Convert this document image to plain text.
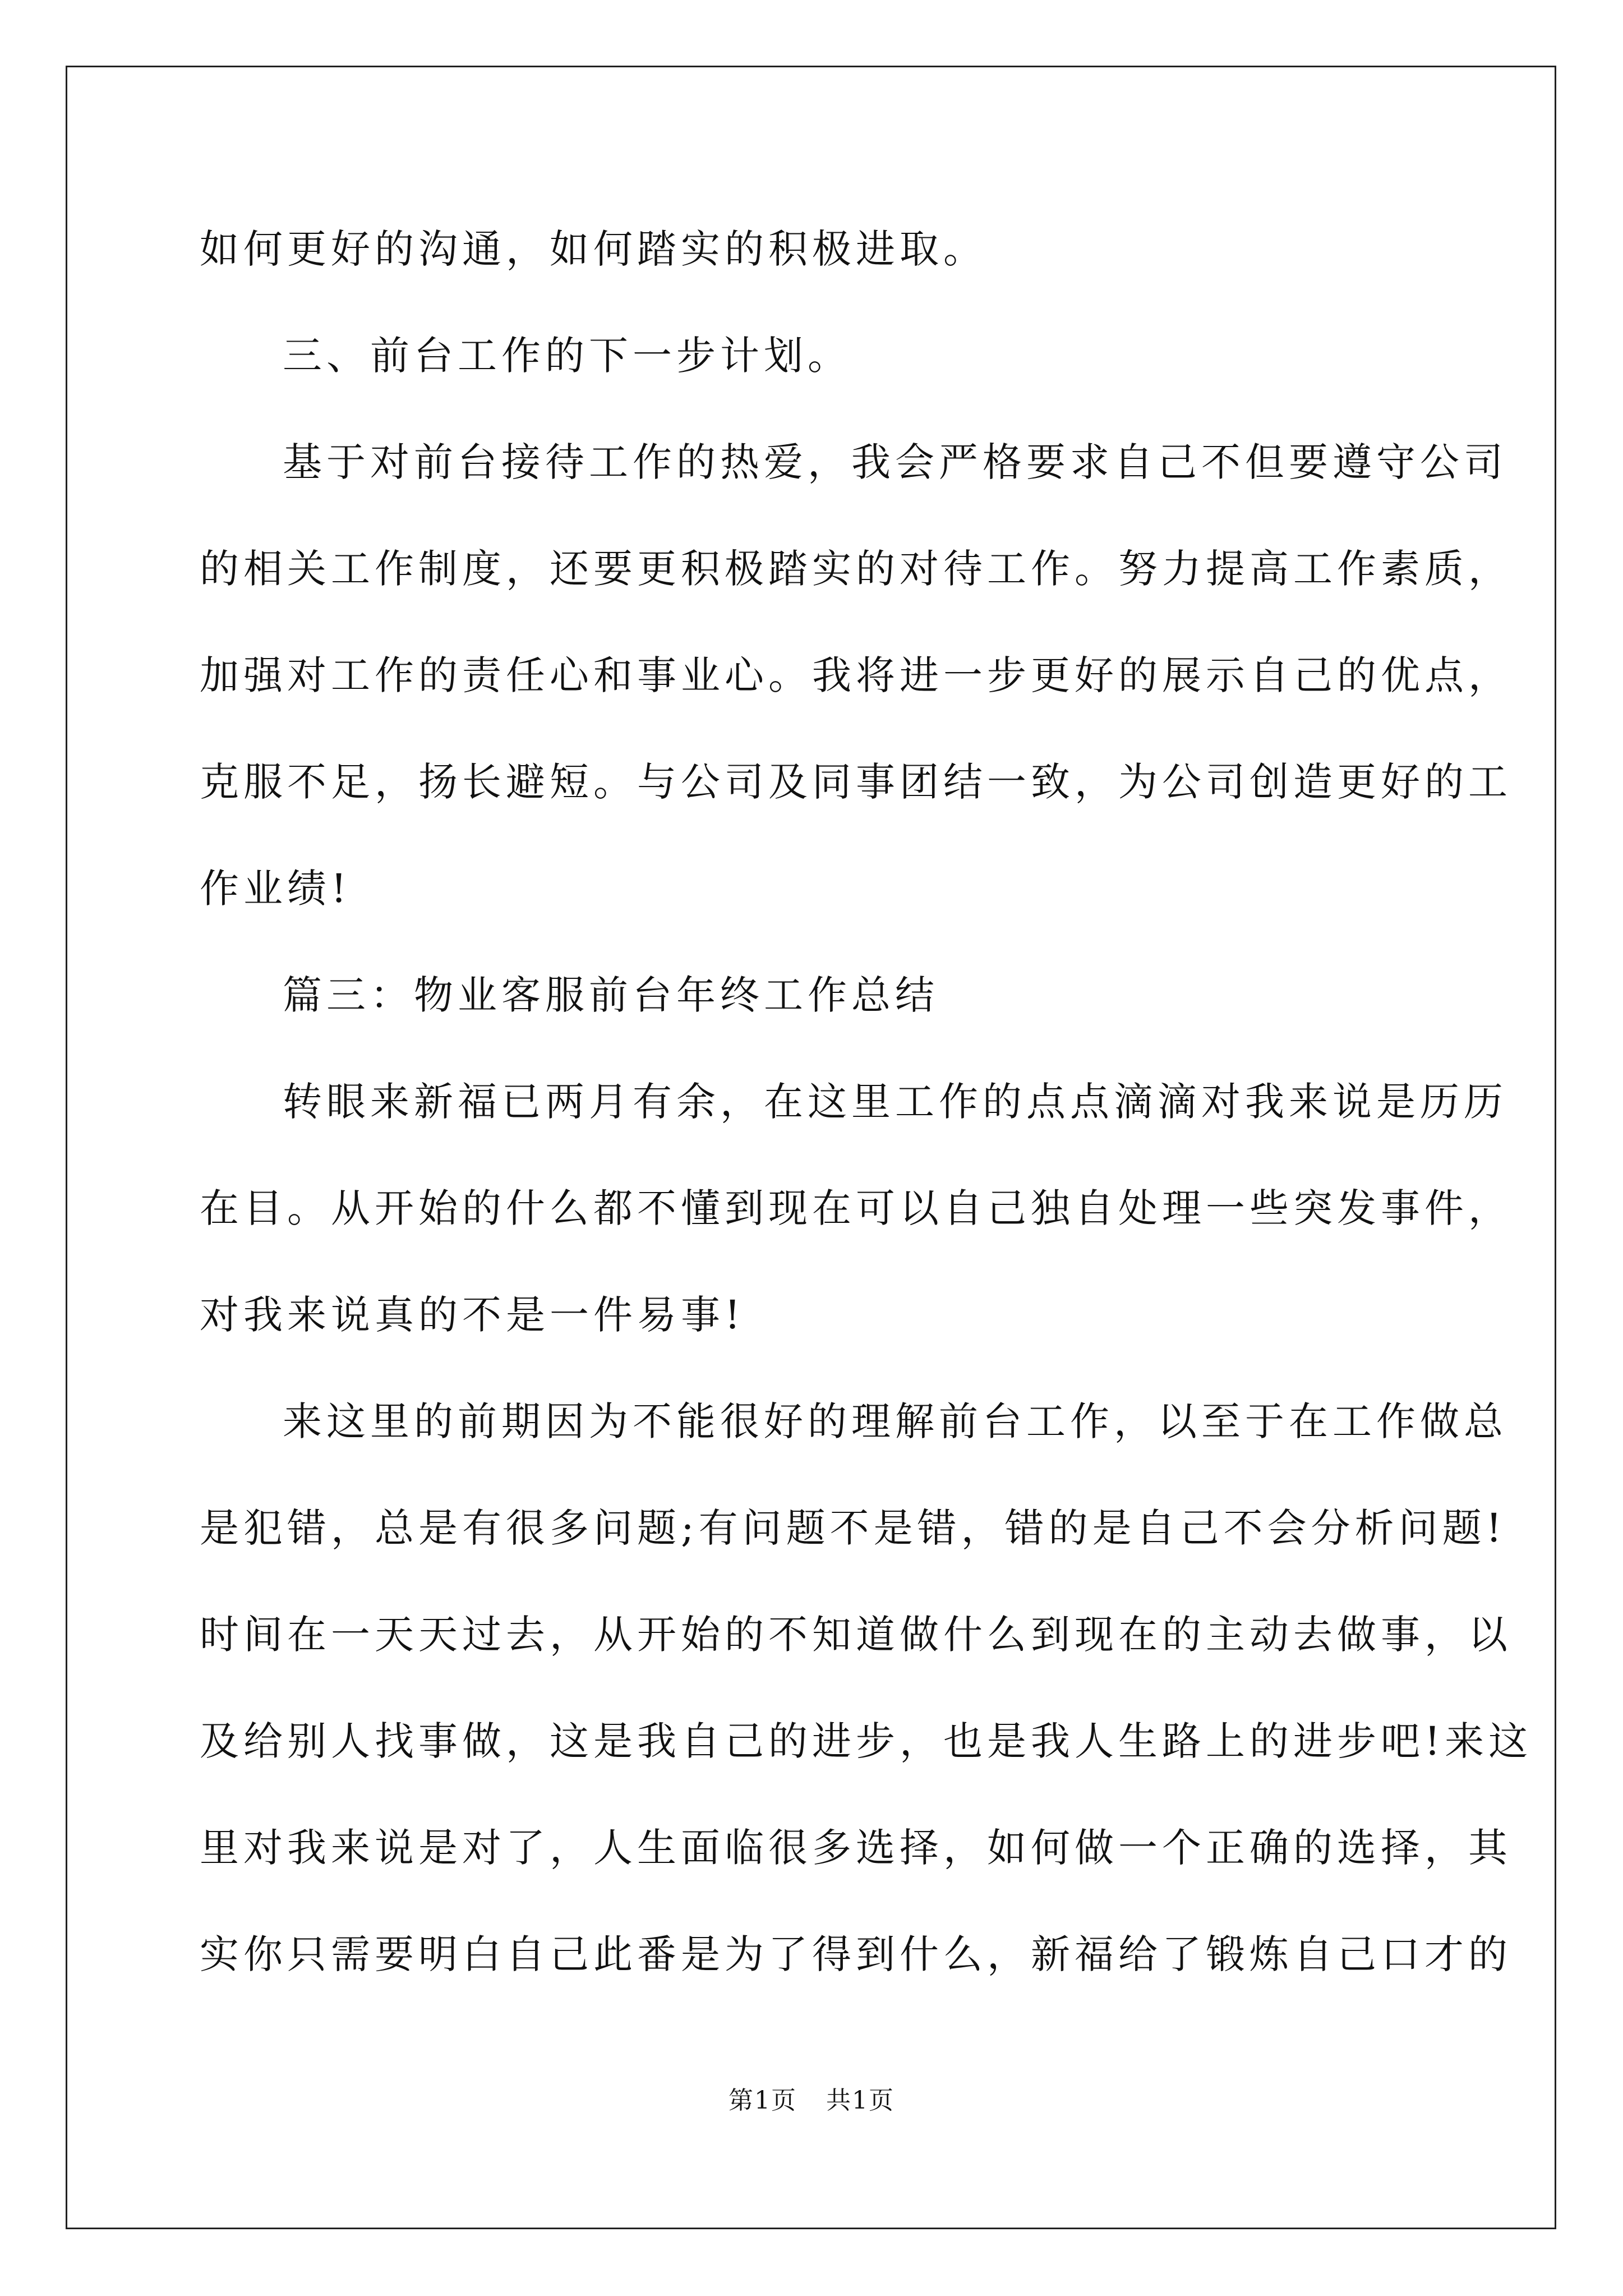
如何更好的沟通，如何踏实的积极进取。
三、前台工作的下一步计划。
基于对前台接待工作的热爱，我会严格要求自己不但要遵守公司
的相关工作制度，还要更积极踏实的对待工作。努力提高工作素质，
加强对工作的责任心和事业心。我将进一步更好的展示自己的优点，
克服不足，扬长避短。与公司及同事团结一致，为公司创造更好的工
作业绩!
篇三：物业客服前台年终工作总结
转眼来新福已两月有余，在这里工作的点点滴滴对我来说是历历
在目。从开始的什么都不懂到现在可以自己独自处理一些突发事件，
对我来说真的不是一件易事!
来这里的前期因为不能很好的理解前台工作，以至于在工作做总
是犯错，总是有很多问题;有问题不是错，错的是自己不会分析问题!
时间在一天天过去，从开始的不知道做什么到现在的主动去做事，以
及给别人找事做，这是我自己的进步，也是我人生路上的进步吧!来这
里对我来说是对了，人生面临很多选择，如何做一个正确的选择，其
实你只需要明白自己此番是为了得到什么，新福给了锻炼自己口才的
第1页 共1页
